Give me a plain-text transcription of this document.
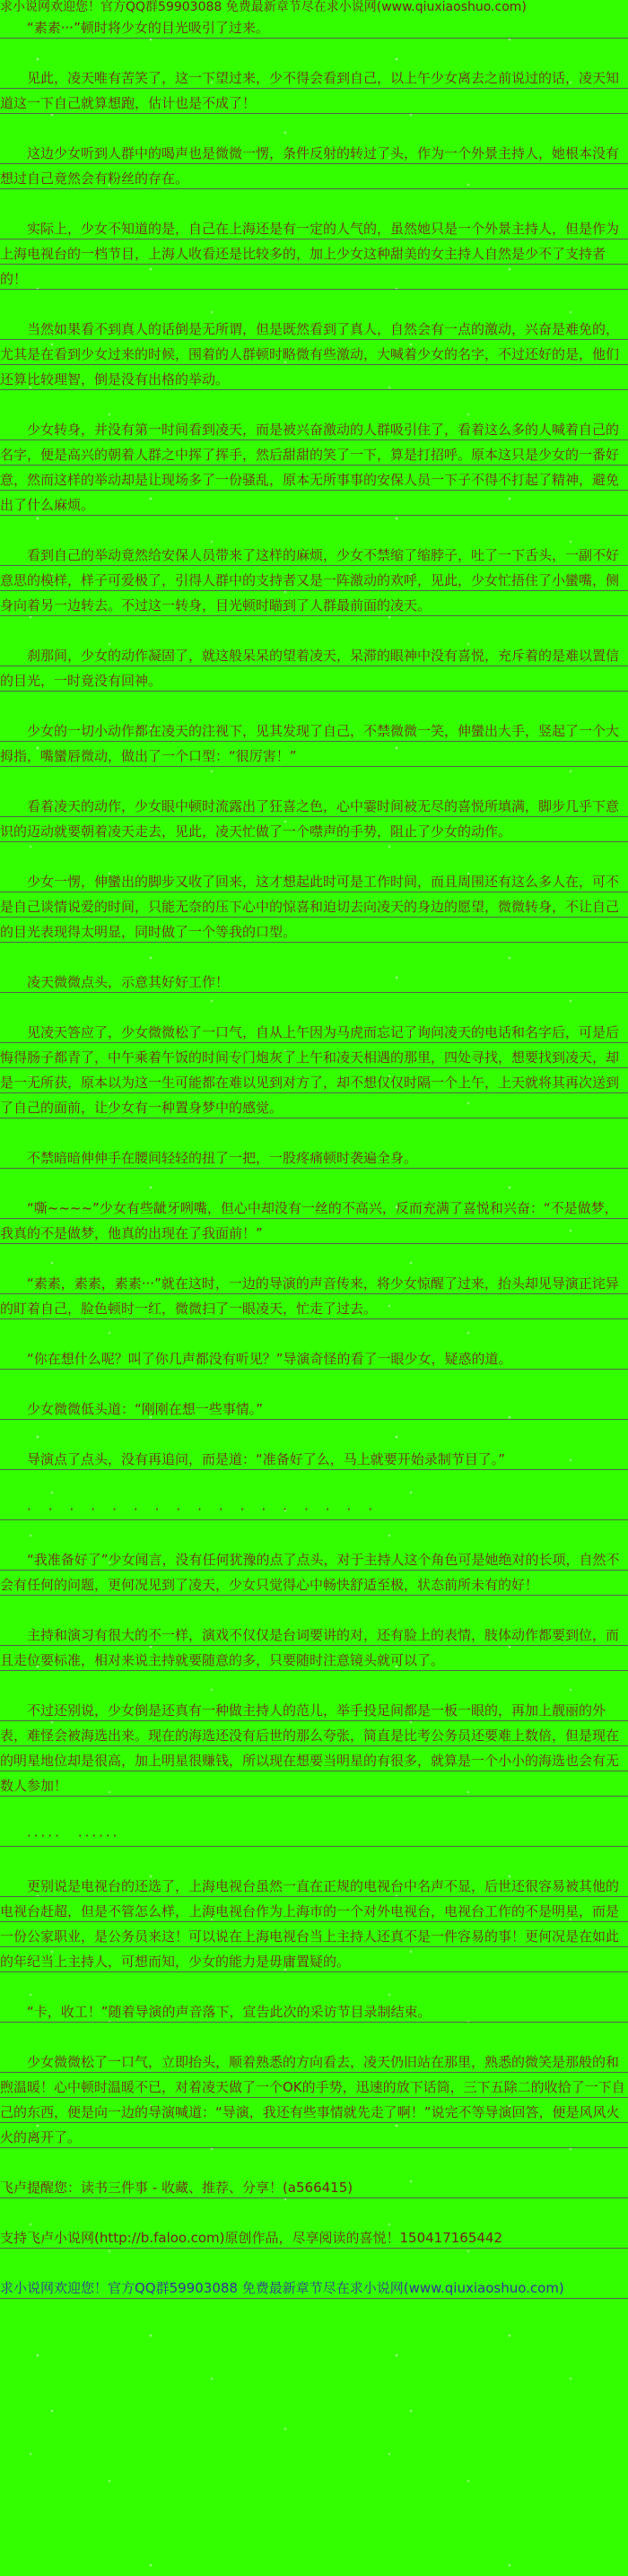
求小说网欢迎您！官方QQ群59903088 免费最新章节尽在求小说网(www.qiuxiaoshuo.com)

“素素···”顿时将少女的目光吸引了过来。

见此，凌天唯有苦笑了，这一下望过来，少不得会看到自己，以上午少女离去之前说过的话，凌天知道这一下自己就算想跑，估计也是不成了！

这边少女听到人群中的喝声也是微微一愣，条件反射的转过了头，作为一个外景主持人，她根本没有想过自己竟然会有粉丝的存在。

实际上，少女不知道的是，自己在上海还是有一定的人气的，虽然她只是一个外景主持人，但是作为上海电视台的一档节目，上海人收看还是比较多的，加上少女这种甜美的女主持人自然是少不了支持者的！

当然如果看不到真人的话倒是无所谓，但是既然看到了真人，自然会有一点的激动，兴奋是难免的，尤其是在看到少女过来的时候，围着的人群顿时略微有些激动，大喊着少女的名字，不过还好的是，他们还算比较理智，倒是没有出格的举动。

少女转身，并没有第一时间看到凌天，而是被兴奋激动的人群吸引住了，看着这么多的人喊着自己的名字，便是高兴的朝着人群之中挥了挥手，然后甜甜的笑了一下，算是打招呼。原本这只是少女的一番好意，然而这样的举动却是让现场多了一份骚乱，原本无所事事的安保人员一下子不得不打起了精神，避免出了什么麻烦。

看到自己的举动竟然给安保人员带来了这样的麻烦，少女不禁缩了缩脖子，吐了一下舌头，一副不好意思的模样，样子可爱极了，引得人群中的支持者又是一阵激动的欢呼，见此，少女忙捂住了小蠻嘴，侧身向着另一边转去。不过这一转身，目光顿时瞄到了人群最前面的凌天。

刹那间，少女的动作凝固了，就这般呆呆的望着凌天，呆滞的眼神中没有喜悦，充斥着的是难以置信的目光，一时竟没有回神。

少女的一切小动作都在凌天的注视下，见其发现了自己，不禁微微一笑，伸蠻出大手，竖起了一个大拇指，嘴蠻唇微动，做出了一个口型：“很厉害！”

看着凌天的动作，少女眼中顿时流露出了狂喜之色，心中霎时间被无尽的喜悦所填满，脚步几乎下意识的迈动就要朝着凌天走去，见此，凌天忙做了一个噤声的手势，阻止了少女的动作。

少女一愣，伸蠻出的脚步又收了回来，这才想起此时可是工作时间，而且周围还有这么多人在，可不是自己谈情说爱的时间，只能无奈的压下心中的惊喜和迫切去向凌天的身边的愿望，微微转身，不让自己的目光表现得太明显，同时做了一个等我的口型。

凌天微微点头，示意其好好工作！

见凌天答应了，少女微微松了一口气，自从上午因为马虎而忘记了询问凌天的电话和名字后，可是后悔得肠子都青了，中午乘着午饭的时间专门炮灰了上午和凌天相遇的那里，四处寻找，想要找到凌天，却是一无所获，原本以为这一生可能都在难以见到对方了，却不想仅仅时隔一个上午，上天就将其再次送到了自己的面前，让少女有一种置身梦中的感觉。

不禁暗暗伸伸手在腰间轻轻的扭了一把，一股疼痛顿时袭遍全身。

“嘶~~~~”少女有些龇牙咧嘴，但心中却没有一丝的不高兴，反而充满了喜悦和兴奋：“不是做梦，我真的不是做梦，他真的出现在了我面前！”

“素素，素素，素素···”就在这时，一边的导演的声音传来，将少女惊醒了过来，抬头却见导演正诧异的盯着自己，脸色顿时一红，微微扫了一眼凌天，忙走了过去。

“你在想什么呢？叫了你几声都没有听见？”导演奇怪的看了一眼少女，疑惑的道。

少女微微低头道：“刚刚在想一些事情。”

导演点了点头，没有再追问，而是道：“准备好了么，马上就要开始录制节目了。”

·　·　·　·　·　·　·　·　·　·　·　·　·　·　·　·　·

“我准备好了”少女闻言，没有任何犹豫的点了点头，对于主持人这个角色可是她绝对的长项，自然不会有任何的问题，更何况见到了凌天，少女只觉得心中畅快舒适至极，状态前所未有的好！

主持和演习有很大的不一样，演戏不仅仅是台词要讲的对，还有脸上的表情，肢体动作都要到位，而且走位要标准，相对来说主持就要随意的多，只要随时注意镜头就可以了。

不过还别说，少女倒是还真有一种做主持人的范儿，举手投足间都是一板一眼的，再加上靓丽的外表，难怪会被海选出来。现在的海选还没有后世的那么夸张，简直是比考公务员还要难上数倍，但是现在的明星地位却是很高，加上明星很赚钱，所以现在想要当明星的有很多，就算是一个小小的海选也会有无数人参加！

·····　······

更别说是电视台的还选了，上海电视台虽然一直在正规的电视台中名声不显，后世还很容易被其他的电视台赶超，但是不管怎么样，上海电视台作为上海市的一个对外电视台，电视台工作的不是明星，而是一份公家职业，是公务员来这！可以说在上海电视台当上主持人还真不是一件容易的事！更何况是在如此的年纪当上主持人，可想而知，少女的能力是毋庸置疑的。

“卡，收工！”随着导演的声音落下，宣告此次的采访节目录制结束。

少女微微松了一口气，立即抬头，顺着熟悉的方向看去，凌天仍旧站在那里，熟悉的微笑是那般的和煦温暖！心中顿时温暖不已，对着凌天做了一个OK的手势，迅速的放下话筒，三下五除二的收拾了一下自己的东西，便是向一边的导演喊道：“导演，我还有些事情就先走了啊！”说完不等导演回答，便是风风火火的离开了。

飞卢提醒您：读书三件事 - 收藏、推荐、分享！(a566415)

支持飞卢小说网(http://b.faloo.com)原创作品，尽享阅读的喜悦！150417165442

求小说网欢迎您！官方QQ群59903088 免费最新章节尽在求小说网(www.qiuxiaoshuo.com)
